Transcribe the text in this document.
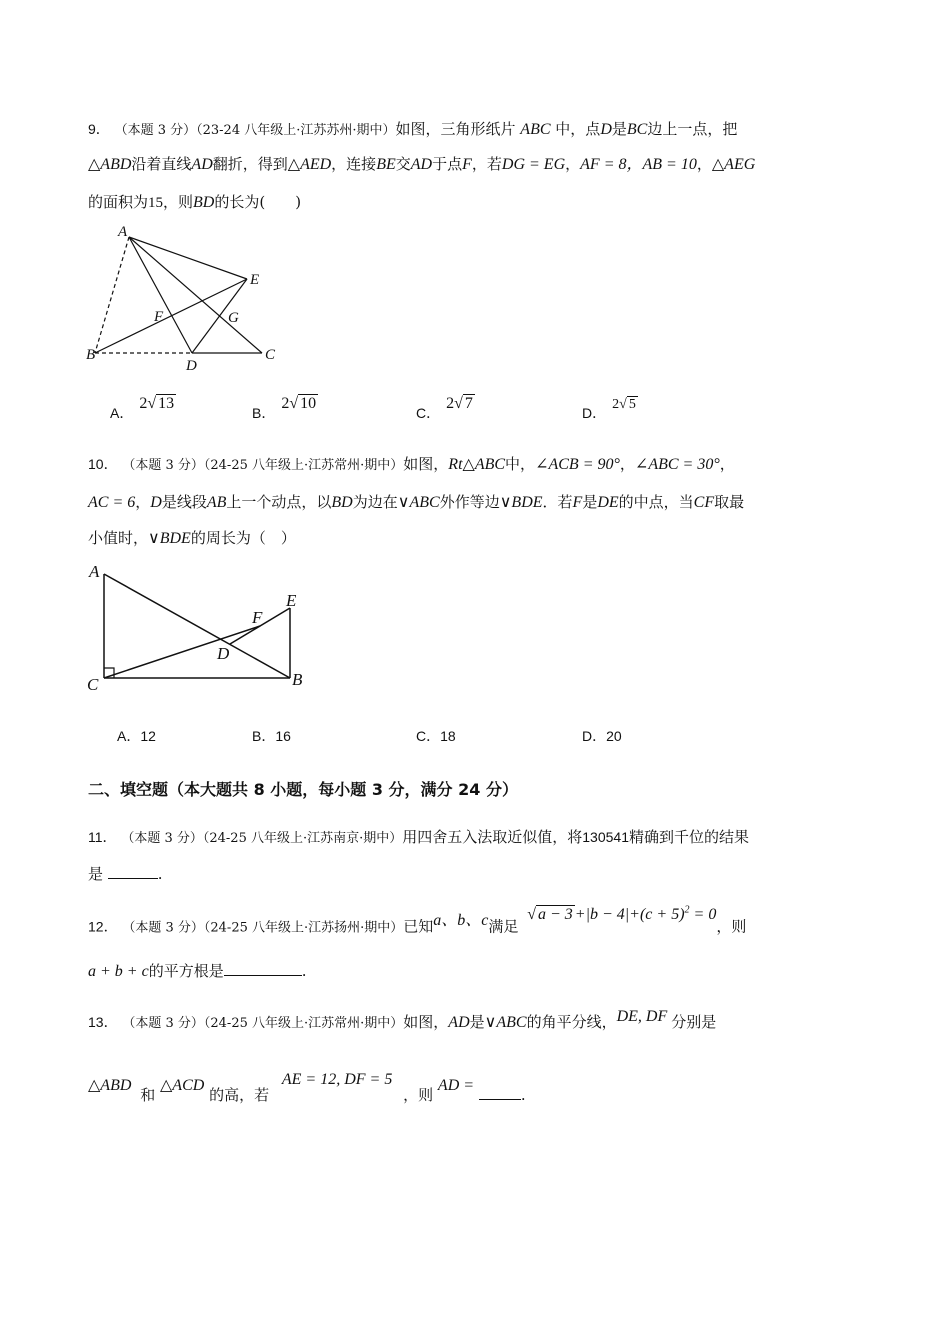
9． （本题 3 分）（23-24 八年级上·江苏苏州·期中）如图，三角形纸片 ABC 中，点D是BC边上一点，把
△ABD沿着直线AD翻折，得到△AED，连接BE交AD于点F，若DG = EG，AF = 8，AB = 10，△AEG
的面积为15，则BD的长为(　　)
A
B	C
D
E
F	G
A．2√ 13
B．2√ 10
C．2√ 7
D．2√ 5
10． （本题 3 分）（24-25 八年级上·江苏常州·期中）如图，Rt△ABC中，∠ACB = 90°，∠ABC = 30°，
AC = 6，D是线段AB上一个动点，以BD为边在∨ABC外作等边∨BDE．若F是DE的中点，当CF取最
小值时，∨BDE的周长为（　）
A
C	B
D
E
F
A．12	B．16	C．18	D．20
二、填空题（本大题共 8 小题，每小题 3 分，满分 24 分）
11． （本题 3 分）（24-25 八年级上·江苏南京·期中）用四舍五入法取近似值，将130541精确到千位的结果
是	.
12． （本题 3 分）（24-25 八年级上·江苏扬州·期中）已知a、b、c满足 √ $a - 3 +|b - 4|+(c + 5)^2 = 0$，则
a + b + c的平方根是	.
13． （本题 3 分）（24-25 八年级上·江苏常州·期中）如图，AD是∨ABC的角平分线，DE, DF 分别是
△ABD 和 △ACD 的高，若 AE = 12, DF = 5 ，则 AD = .
